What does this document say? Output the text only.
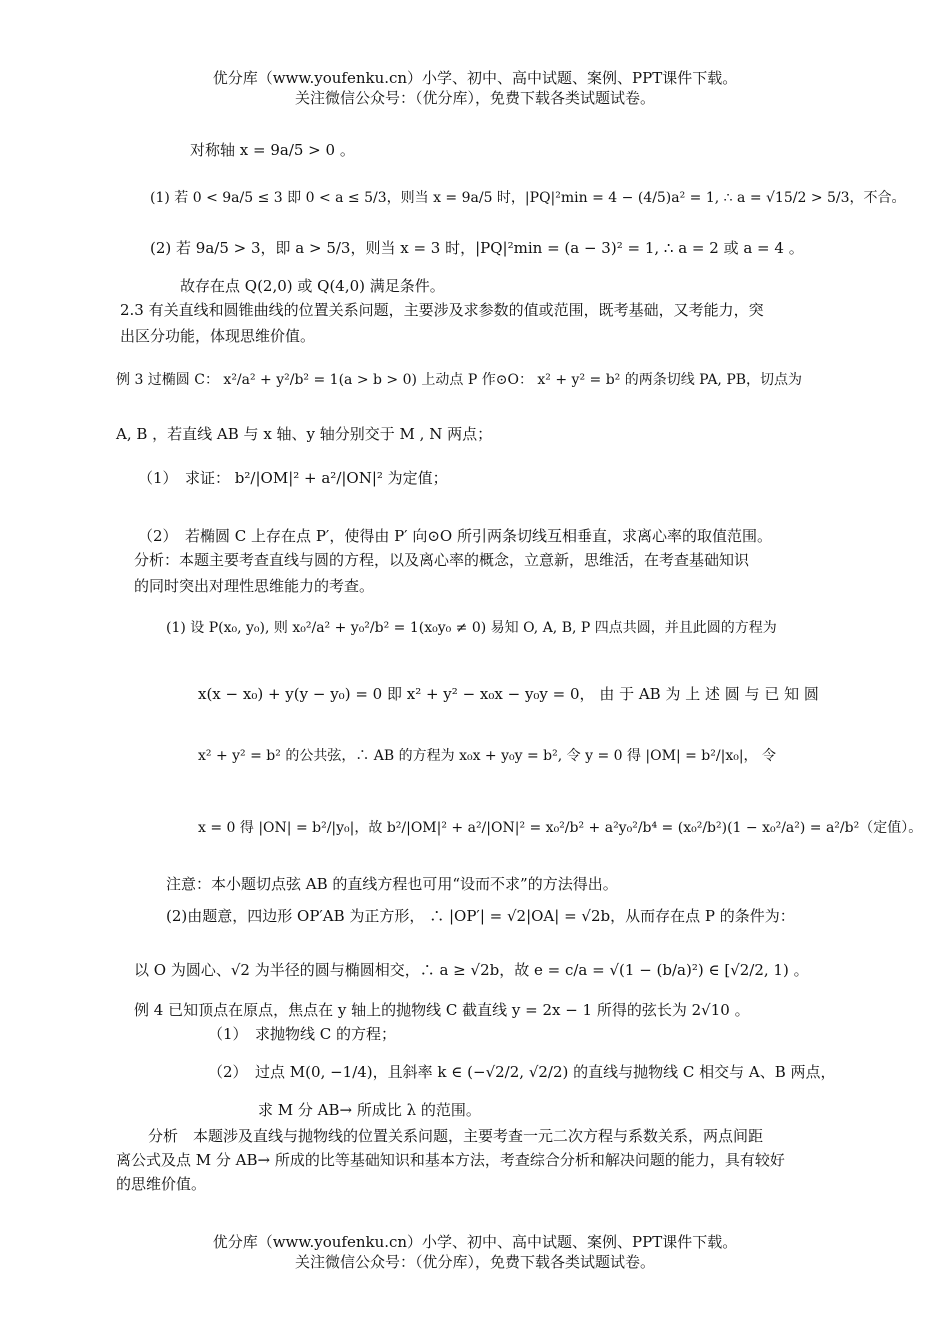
优分库（www.youfenku.cn）小学、初中、高中试题、案例、PPT课件下载。
关注微信公众号：（优分库），免费下载各类试题试卷。
对称轴 x = 9a/5 > 0 。
(1) 若 0 < 9a/5 ≤ 3 即 0 < a ≤ 5/3，则当 x = 9a/5 时，|PQ|²min = 4 − (4/5)a² = 1, ∴ a = √15/2 > 5/3，不合。
(2) 若 9a/5 > 3，即 a > 5/3，则当 x = 3 时，|PQ|²min = (a − 3)² = 1, ∴ a = 2 或 a = 4 。
故存在点 Q(2,0) 或 Q(4,0) 满足条件。
2.3 有关直线和圆锥曲线的位置关系问题，主要涉及求参数的值或范围，既考基础，又考能力，突
出区分功能，体现思维价值。
例 3 过椭圆 C： x²/a² + y²/b² = 1(a > b > 0) 上动点 P 作⊙O： x² + y² = b² 的两条切线 PA, PB，切点为
A, B ，若直线 AB 与 x 轴、y 轴分别交于 M , N 两点；
（1）　求证： b²/|OM|² + a²/|ON|² 为定值；
（2）　若椭圆 C 上存在点 P′，使得由 P′ 向⊙O 所引两条切线互相垂直，求离心率的取值范围。
分析：本题主要考查直线与圆的方程，以及离心率的概念，立意新，思维活，在考查基础知识
的同时突出对理性思维能力的考查。
(1) 设 P(x₀, y₀), 则 x₀²/a² + y₀²/b² = 1(x₀y₀ ≠ 0) 易知 O, A, B, P 四点共圆，并且此圆的方程为
x(x − x₀) + y(y − y₀) = 0 即 x² + y² − x₀x − y₀y = 0， 由 于 AB 为 上 述 圆 与 已 知 圆
x² + y² = b² 的公共弦，∴ AB 的方程为 x₀x + y₀y = b², 令 y = 0 得 |OM| = b²/|x₀|， 令
x = 0 得 |ON| = b²/|y₀|，故 b²/|OM|² + a²/|ON|² = x₀²/b² + a²y₀²/b⁴ = (x₀²/b²)(1 − x₀²/a²) = a²/b²（定值）。
注意：本小题切点弦 AB 的直线方程也可用“设而不求”的方法得出。
(2)由题意，四边形 OP′AB 为正方形， ∴ |OP′| = √2|OA| = √2b，从而存在点 P 的条件为：
以 O 为圆心、√2 为半径的圆与椭圆相交，∴ a ≥ √2b，故 e = c/a = √(1 − (b/a)²) ∈ [√2/2, 1) 。
例 4 已知顶点在原点，焦点在 y 轴上的抛物线 C 截直线 y = 2x − 1 所得的弦长为 2√10 。
（1）　求抛物线 C 的方程；
（2）　过点 M(0, −1/4)，且斜率 k ∈ (−√2/2, √2/2) 的直线与抛物线 C 相交与 A、B 两点，
求 M 分 AB→ 所成比 λ 的范围。
分析　本题涉及直线与抛物线的位置关系问题，主要考查一元二次方程与系数关系，两点间距
离公式及点 M 分 AB→ 所成的比等基础知识和基本方法，考查综合分析和解决问题的能力，具有较好
的思维价值。
优分库（www.youfenku.cn）小学、初中、高中试题、案例、PPT课件下载。
关注微信公众号：（优分库），免费下载各类试题试卷。
